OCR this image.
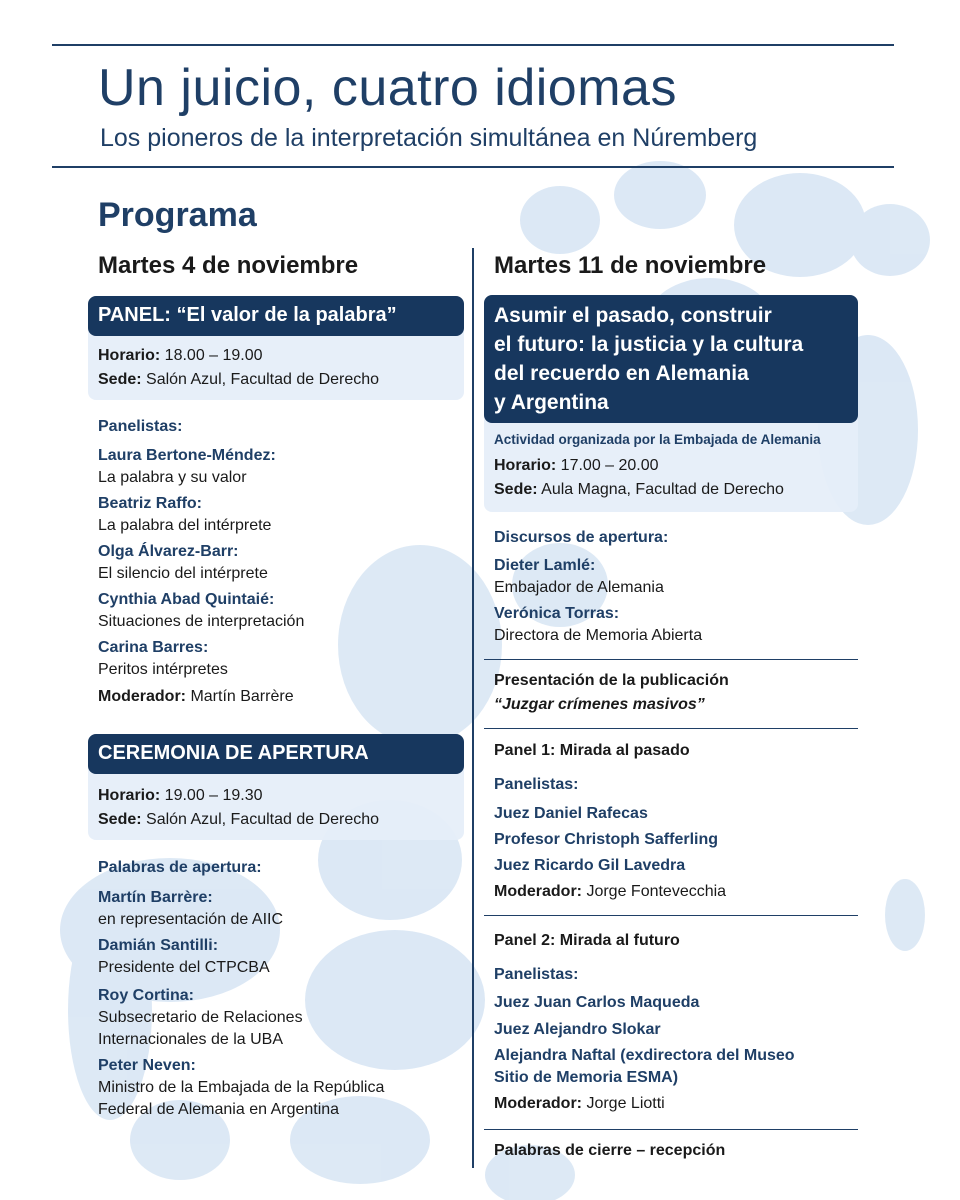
Un juicio, cuatro idiomas
Los pioneros de la interpretación simultánea en Núremberg
Programa
Martes 4 de noviembre
PANEL: “El valor de la palabra”
Horario: 18.00 – 19.00
Sede: Salón Azul, Facultad de Derecho
Panelistas:
Laura Bertone-Méndez:
La palabra y su valor
Beatriz Raffo:
La palabra del intérprete
Olga Álvarez-Barr:
El silencio del intérprete
Cynthia Abad Quintaié:
Situaciones de interpretación
Carina Barres:
Peritos intérpretes
Moderador: Martín Barrère
CEREMONIA DE APERTURA
Horario: 19.00 – 19.30
Sede: Salón Azul, Facultad de Derecho
Palabras de apertura:
Martín Barrère:
en representación de AIIC
Damián Santilli:
Presidente del CTPCBA
Roy Cortina:
Subsecretario de Relaciones
Internacionales de la UBA
Peter Neven:
Ministro de la Embajada de la República
Federal de Alemania en Argentina
Martes 11 de noviembre
Asumir el pasado, construir
el futuro: la justicia y la cultura
del recuerdo en Alemania
y Argentina
Actividad organizada por la Embajada de Alemania
Horario: 17.00 – 20.00
Sede: Aula Magna, Facultad de Derecho
Discursos de apertura:
Dieter Lamlé:
Embajador de Alemania
Verónica Torras:
Directora de Memoria Abierta
Presentación de la publicación
“Juzgar crímenes masivos”
Panel 1: Mirada al pasado
Panelistas:
Juez Daniel Rafecas
Profesor Christoph Safferling
Juez Ricardo Gil Lavedra
Moderador: Jorge Fontevecchia
Panel 2: Mirada al futuro
Panelistas:
Juez Juan Carlos Maqueda
Juez Alejandro Slokar
Alejandra Naftal (exdirectora del Museo
Sitio de Memoria ESMA)
Moderador: Jorge Liotti
Palabras de cierre – recepción
